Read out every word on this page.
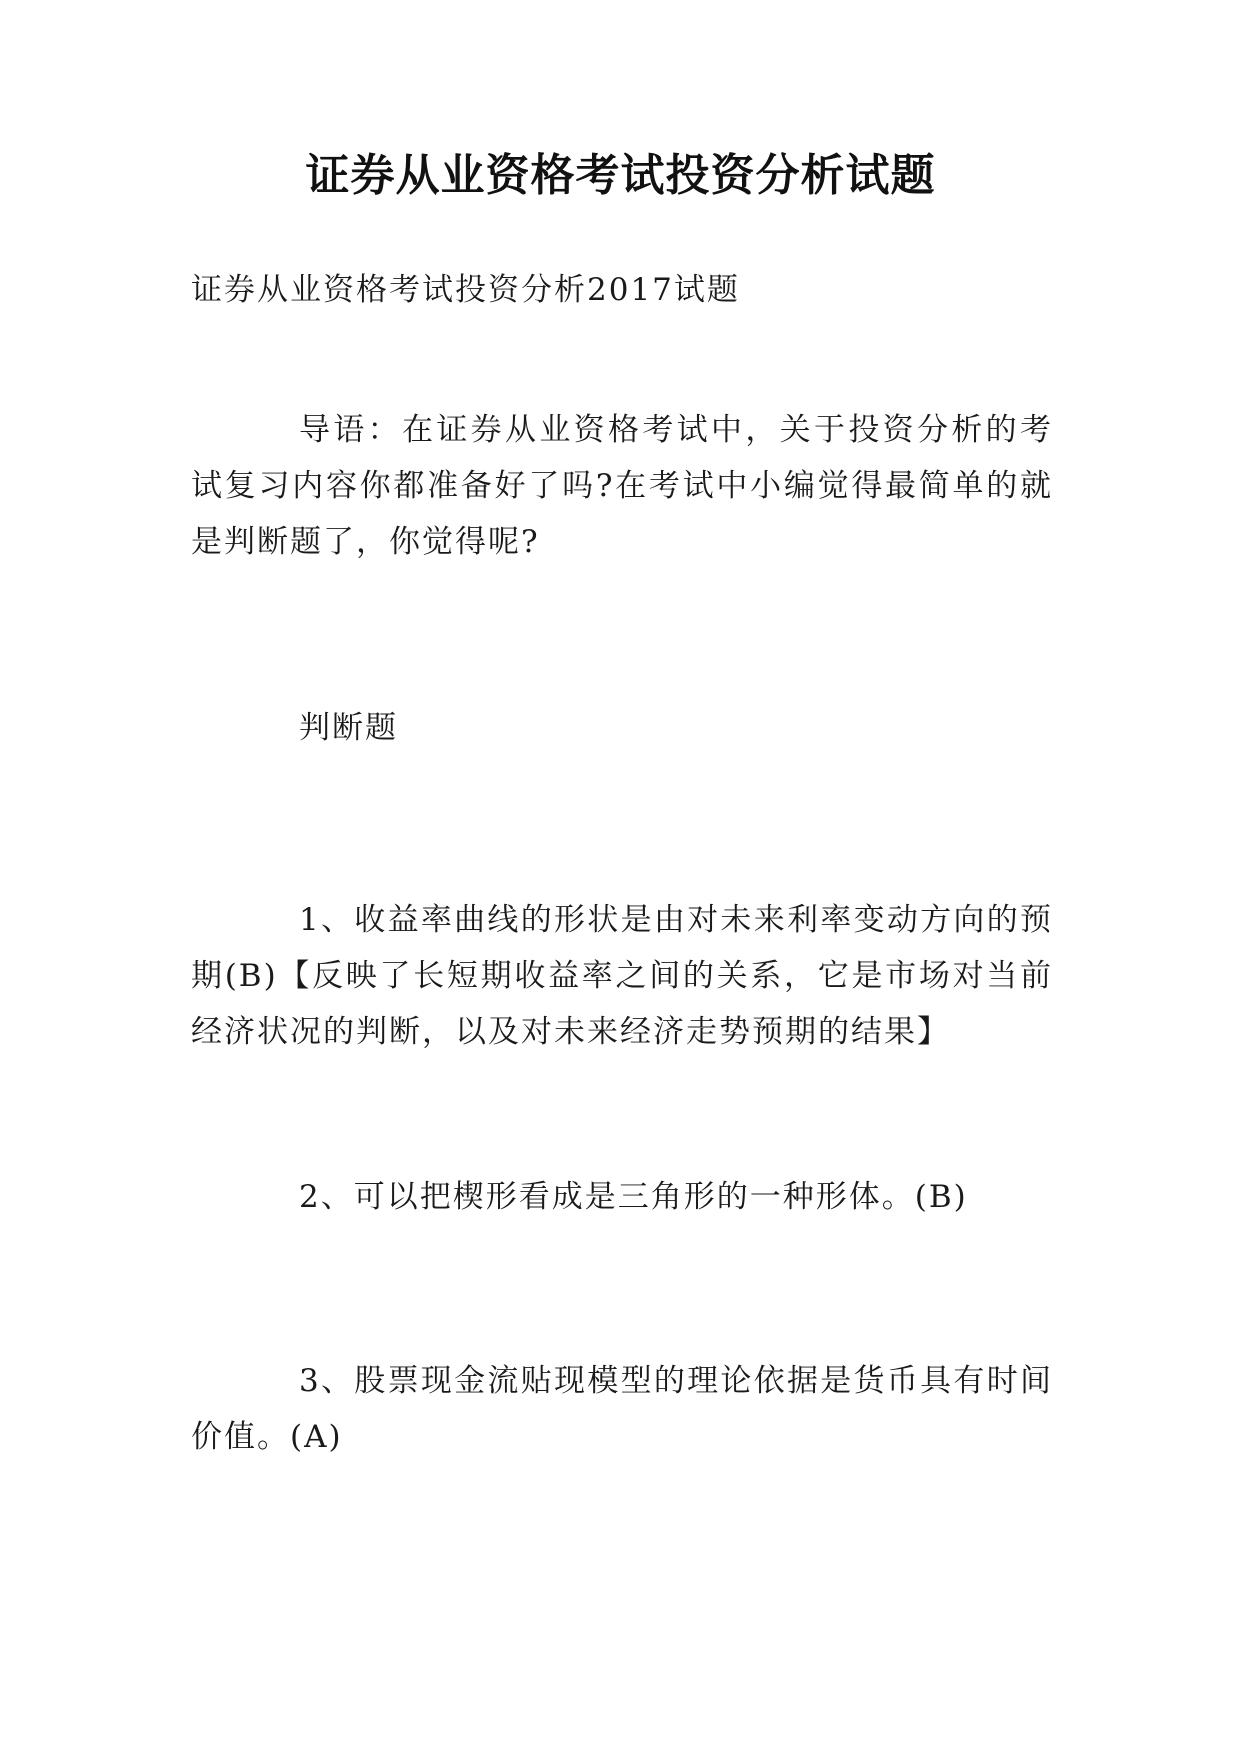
证券从业资格考试投资分析试题

证券从业资格考试投资分析2017试题

导语：在证券从业资格考试中，关于投资分析的考试复习内容你都准备好了吗?在考试中小编觉得最简单的就是判断题了，你觉得呢?

判断题

1、收益率曲线的形状是由对未来利率变动方向的预期(B)【反映了长短期收益率之间的关系，它是市场对当前经济状况的判断，以及对未来经济走势预期的结果】

2、可以把楔形看成是三角形的一种形体。(B)

3、股票现金流贴现模型的理论依据是货币具有时间价值。(A)
